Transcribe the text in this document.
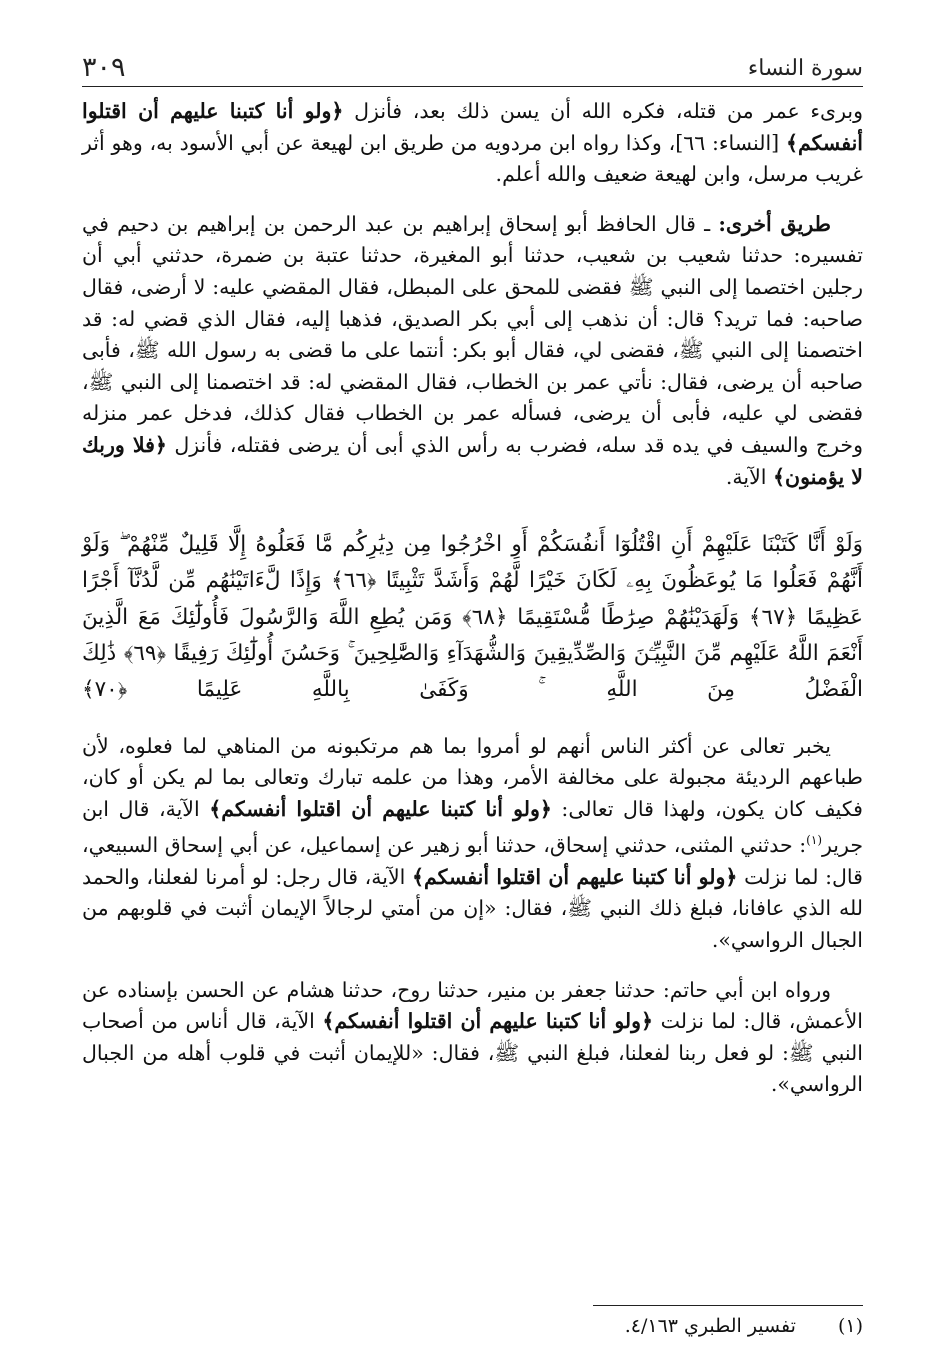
سورة النساء
٣٠٩

وبرىء عمر من قتله، فكره الله أن يسن ذلك بعد، فأنزل ﴿ولو أنا كتبنا عليهم أن اقتلوا أنفسكم﴾ [النساء: ٦٦]، وكذا رواه ابن مردويه من طريق ابن لهيعة عن أبي الأسود به، وهو أثر غريب مرسل، وابن لهيعة ضعيف والله أعلم.

طريق أخرى: ـ قال الحافظ أبو إسحاق إبراهيم بن عبد الرحمن بن إبراهيم بن دحيم في تفسيره: حدثنا شعيب بن شعيب، حدثنا أبو المغيرة، حدثنا عتبة بن ضمرة، حدثني أبي أن رجلين اختصما إلى النبي ﷺ فقضى للمحق على المبطل، فقال المقضي عليه: لا أرضى، فقال صاحبه: فما تريد؟ قال: أن نذهب إلى أبي بكر الصديق، فذهبا إليه، فقال الذي قضي له: قد اختصمنا إلى النبي ﷺ، فقضى لي، فقال أبو بكر: أنتما على ما قضى به رسول الله ﷺ، فأبى صاحبه أن يرضى، فقال: نأتي عمر بن الخطاب، فقال المقضي له: قد اختصمنا إلى النبي ﷺ، فقضى لي عليه، فأبى أن يرضى، فسأله عمر بن الخطاب فقال كذلك، فدخل عمر منزله وخرج والسيف في يده قد سله، فضرب به رأس الذي أبى أن يرضى فقتله، فأنزل ﴿فلا وربك لا يؤمنون﴾ الآية.

وَلَوْ أَنَّا كَتَبْنَا عَلَيْهِمْ أَنِ اقْتُلُوٓا أَنفُسَكُمْ أَوِ اخْرُجُوا مِن دِيَٰرِكُم مَّا فَعَلُوهُ إِلَّا قَلِيلٌ مِّنْهُمْ ۖ وَلَوْ أَنَّهُمْ فَعَلُوا مَا يُوعَظُونَ بِهِۦ لَكَانَ خَيْرًا لَّهُمْ وَأَشَدَّ تَثْبِيتًا ﴿٦٦﴾ وَإِذًا لَّءَاتَيْنَٰهُم مِّن لَّدُنَّآ أَجْرًا عَظِيمًا ﴿٦٧﴾ وَلَهَدَيْنَٰهُمْ صِرَٰطًا مُّسْتَقِيمًا ﴿٦٨﴾ وَمَن يُطِعِ اللَّهَ وَالرَّسُولَ فَأُولَٰٓئِكَ مَعَ الَّذِينَ أَنْعَمَ اللَّهُ عَلَيْهِم مِّنَ النَّبِيِّـۧنَ وَالصِّدِّيقِينَ وَالشُّهَدَآءِ وَالصَّٰلِحِينَ ۚ وَحَسُنَ أُولَٰٓئِكَ رَفِيقًا ﴿٦٩﴾ ذَٰلِكَ الْفَضْلُ مِنَ اللَّهِ ۚ وَكَفَىٰ بِاللَّهِ عَلِيمًا ﴿٧٠﴾

يخبر تعالى عن أكثر الناس أنهم لو أمروا بما هم مرتكبونه من المناهي لما فعلوه، لأن طباعهم الرديئة مجبولة على مخالفة الأمر، وهذا من علمه تبارك وتعالى بما لم يكن أو كان، فكيف كان يكون، ولهذا قال تعالى: ﴿ولو أنا كتبنا عليهم أن اقتلوا أنفسكم﴾ الآية، قال ابن جرير$^{(١)}$: حدثني المثنى، حدثني إسحاق، حدثنا أبو زهير عن إسماعيل، عن أبي إسحاق السبيعي، قال: لما نزلت ﴿ولو أنا كتبنا عليهم أن اقتلوا أنفسكم﴾ الآية، قال رجل: لو أمرنا لفعلنا، والحمد لله الذي عافانا، فبلغ ذلك النبي ﷺ، فقال: «إن من أمتي لرجالاً الإيمان أثبت في قلوبهم من الجبال الرواسي».

ورواه ابن أبي حاتم: حدثنا جعفر بن منير، حدثنا روح، حدثنا هشام عن الحسن بإسناده عن الأعمش، قال: لما نزلت ﴿ولو أنا كتبنا عليهم أن اقتلوا أنفسكم﴾ الآية، قال أناس من أصحاب النبي ﷺ: لو فعل ربنا لفعلنا، فبلغ النبي ﷺ، فقال: «للإيمان أثبت في قلوب أهله من الجبال الرواسي».

(١) تفسير الطبري ٤/١٦٣.
